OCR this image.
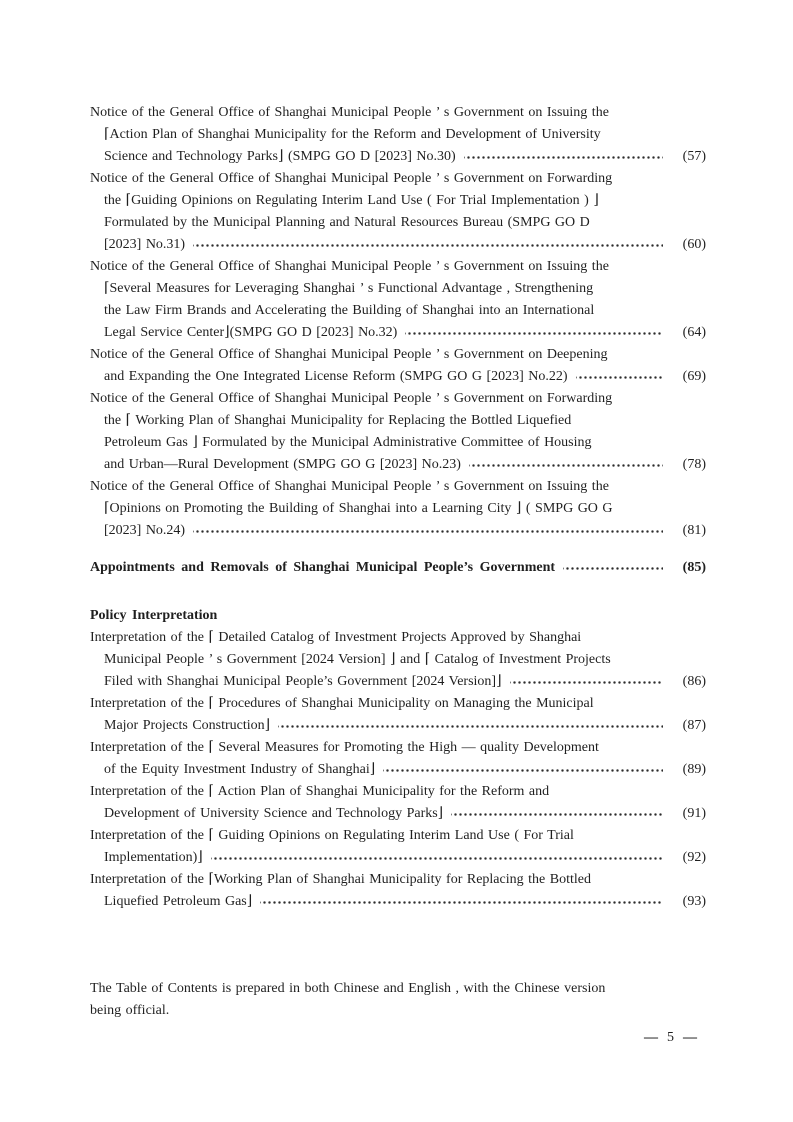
Notice of the General Office of Shanghai Municipal People ’ s Government on Issuing the
⌈Action Plan of Shanghai Municipality for the Reform and Development of University
Science and Technology Parks⌋ (SMPG GO D [2023] No.30)	(57)
Notice of the General Office of Shanghai Municipal People ’ s Government on Forwarding
the ⌈Guiding Opinions on Regulating Interim Land Use ( For Trial Implementation ) ⌋
Formulated by the Municipal Planning and Natural Resources Bureau (SMPG GO D
[2023] No.31)	(60)
Notice of the General Office of Shanghai Municipal People ’ s Government on Issuing the
⌈Several Measures for Leveraging Shanghai ’ s Functional Advantage , Strengthening
the Law Firm Brands and Accelerating the Building of Shanghai into an International
Legal Service Center⌋(SMPG GO D [2023] No.32)	(64)
Notice of the General Office of Shanghai Municipal People ’ s Government on Deepening
and Expanding the One Integrated License Reform (SMPG GO G [2023] No.22)	(69)
Notice of the General Office of Shanghai Municipal People ’ s Government on Forwarding
the ⌈ Working Plan of Shanghai Municipality for Replacing the Bottled Liquefied
Petroleum Gas ⌋ Formulated by the Municipal Administrative Committee of Housing
and Urban—Rural Development (SMPG GO G [2023] No.23)	(78)
Notice of the General Office of Shanghai Municipal People ’ s Government on Issuing the
⌈Opinions on Promoting the Building of Shanghai into a Learning City ⌋ ( SMPG GO G
[2023] No.24)	(81)
Appointments and Removals of Shanghai Municipal People’s Government	(85)
Policy Interpretation
Interpretation of the ⌈ Detailed Catalog of Investment Projects Approved by Shanghai
Municipal People ’ s Government [2024 Version] ⌋ and ⌈ Catalog of Investment Projects
Filed with Shanghai Municipal People’s Government [2024 Version]⌋	(86)
Interpretation of the ⌈ Procedures of Shanghai Municipality on Managing the Municipal
Major Projects Construction⌋	(87)
Interpretation of the ⌈ Several Measures for Promoting the High — quality Development
of the Equity Investment Industry of Shanghai⌋	(89)
Interpretation of the ⌈ Action Plan of Shanghai Municipality for the Reform and
Development of University Science and Technology Parks⌋	(91)
Interpretation of the ⌈ Guiding Opinions on Regulating Interim Land Use ( For Trial
Implementation)⌋	(92)
Interpretation of the ⌈Working Plan of Shanghai Municipality for Replacing the Bottled
Liquefied Petroleum Gas⌋	(93)
The Table of Contents is prepared in both Chinese and English , with the Chinese version
being official.
— 5 —
